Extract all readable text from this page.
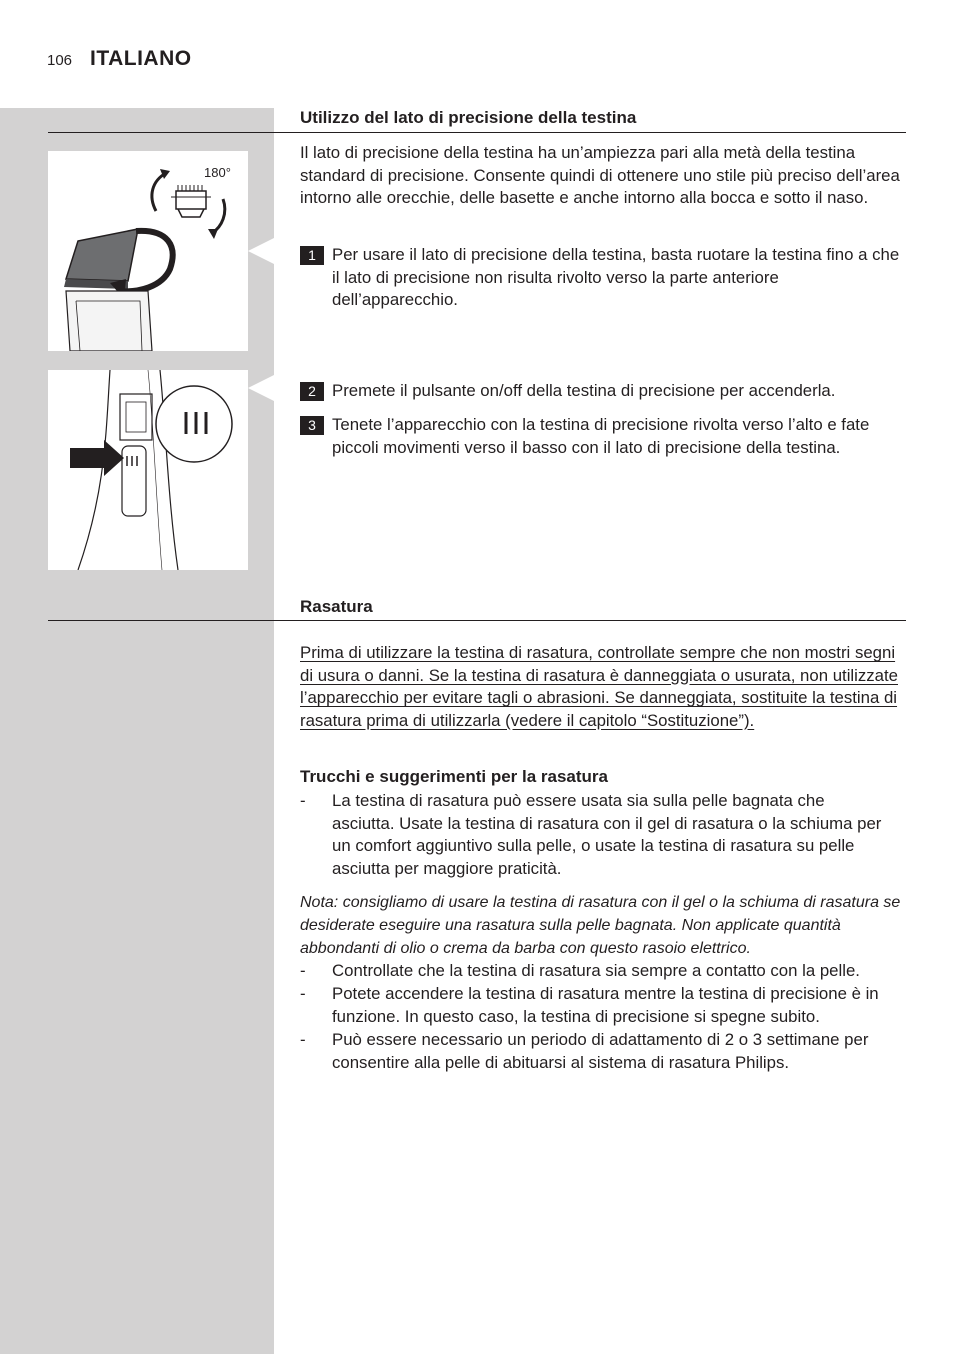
106 ITALIANO
Utilizzo del lato di precisione della testina
Il lato di precisione della testina ha un’ampiezza pari alla metà della testina standard di precisione. Consente quindi di ottenere uno stile più preciso dell’area intorno alle orecchie, delle basette e anche intorno alla bocca e sotto il naso.
180°
1 Per usare il lato di precisione della testina, basta ruotare la testina fino a che il lato di precisione non risulta rivolto verso la parte anteriore dell’apparecchio.
2 Premete il pulsante on/off della testina di precisione per accenderla.
3 Tenete l’apparecchio con la testina di precisione rivolta verso l’alto e fate piccoli movimenti verso il basso con il lato di precisione della testina.
Rasatura
Prima di utilizzare la testina di rasatura, controllate sempre che non mostri segni di usura o danni. Se la testina di rasatura è danneggiata o usurata, non utilizzate l’apparecchio per evitare tagli o abrasioni. Se danneggiata, sostituite la testina di rasatura prima di utilizzarla (vedere il capitolo “Sostituzione”).
Trucchi e suggerimenti per la rasatura
- La testina di rasatura può essere usata sia sulla pelle bagnata che asciutta. Usate la testina di rasatura con il gel di rasatura o la schiuma per un comfort aggiuntivo sulla pelle, o usate la testina di rasatura su pelle asciutta per maggiore praticità.
Nota: consigliamo di usare la testina di rasatura con il gel o la schiuma di rasatura se desiderate eseguire una rasatura sulla pelle bagnata. Non applicate quantità abbondanti di olio o crema da barba con questo rasoio elettrico.
- Controllate che la testina di rasatura sia sempre a contatto con la pelle.
- Potete accendere la testina di rasatura mentre la testina di precisione è in funzione. In questo caso, la testina di precisione si spegne subito.
- Può essere necessario un periodo di adattamento di 2 o 3 settimane per consentire alla pelle di abituarsi al sistema di rasatura Philips.
